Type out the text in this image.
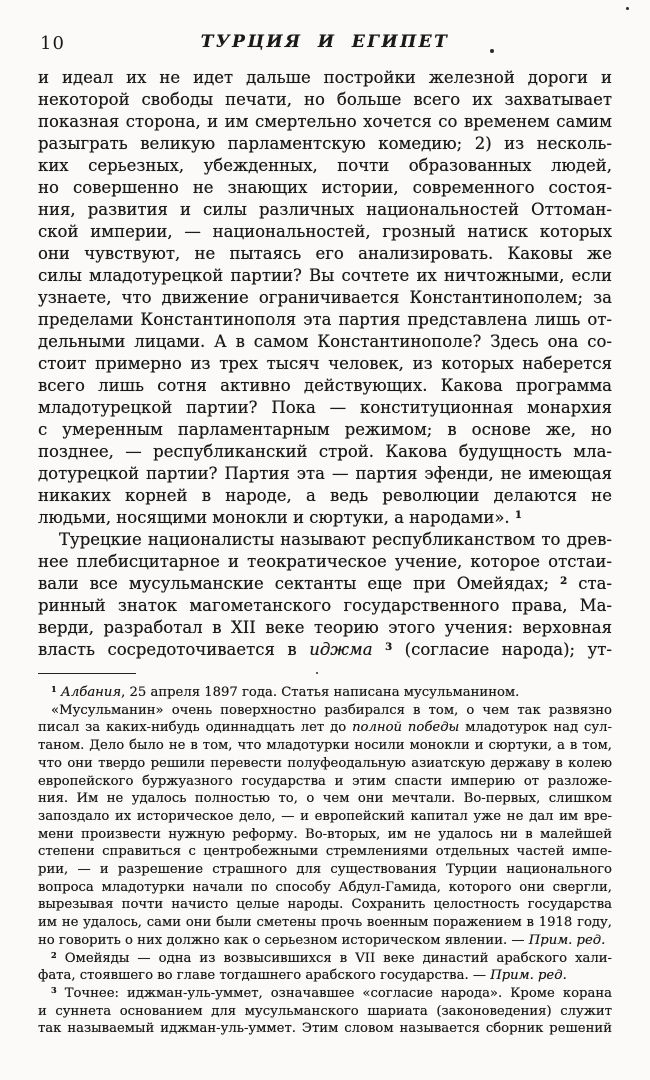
10	ТУРЦИЯ И ЕГИПЕТ
и идеал их не идет дальше постройки железной дороги и
некоторой свободы печати, но больше всего их захватывает
показная сторона, и им смертельно хочется со временем самим
разыграть великую парламентскую комедию; 2) из несколь-
ких серьезных, убежденных, почти образованных людей,
но совершенно не знающих истории, современного состоя-
ния, развития и силы различных национальностей Оттоман-
ской империи, — национальностей, грозный натиск которых
они чувствуют, не пытаясь его анализировать. Каковы же
силы младотурецкой партии? Вы сочтете их ничтожными, если
узнаете, что движение ограничивается Константинополем; за
пределами Константинополя эта партия представлена лишь от-
дельными лицами. А в самом Константинополе? Здесь она со-
стоит примерно из трех тысяч человек, из которых наберется
всего лишь сотня активно действующих. Какова программа
младотурецкой партии? Пока — конституционная монархия
с умеренным парламентарным режимом; в основе же, но
позднее, — республиканский строй. Какова будущность мла-
дотурецкой партии? Партия эта — партия эфенди, не имеющая
никаких корней в народе, а ведь революции делаются не
людьми, носящими монокли и сюртуки, а народами». $^1$
Турецкие националисты называют республиканством то древ-
нее плебисцитарное и теократическое учение, которое отстаи-
вали все мусульманские сектанты еще при Омейядах; $^2$ ста-
ринный знаток магометанского государственного права, Ма-
верди, разработал в XII веке теорию этого учения: верховная
власть сосредоточивается в иджма $^3$ (согласие народа); ут-
$^1$ Албания, 25 апреля 1897 года. Статья написана мусульманином.
«Мусульманин» очень поверхностно разбирался в том, о чем так развязно
писал за каких-нибудь одиннадцать лет до полной победы младотурок над сул-
таном. Дело было не в том, что младотурки носили монокли и сюртуки, а в том,
что они твердо решили перевести полуфеодальную азиатскую державу в колею
европейского буржуазного государства и этим спасти империю от разложе-
ния. Им не удалось полностью то, о чем они мечтали. Во-первых, слишком
запоздало их историческое дело, — и европейский капитал уже не дал им вре-
мени произвести нужную реформу. Во-вторых, им не удалось ни в малейшей
степени справиться с центробежными стремлениями отдельных частей импе-
рии, — и разрешение страшного для существования Турции национального
вопроса младотурки начали по способу Абдул-Гамида, которого они свергли,
вырезывая почти начисто целые народы. Сохранить целостность государства
им не удалось, сами они были сметены прочь военным поражением в 1918 году,
но говорить о них должно как о серьезном историческом явлении. — Прим. ред.
$^2$ Омейяды — одна из возвысившихся в VII веке династий арабского хали-
фата, стоявшего во главе тогдашнего арабского государства. — Прим. ред.
$^3$ Точнее: иджман-уль-уммет, означавшее «согласие народа». Кроме корана
и суннета основанием для мусульманского шариата (законоведения) служит
так называемый иджман-уль-уммет. Этим словом называется сборник решений
